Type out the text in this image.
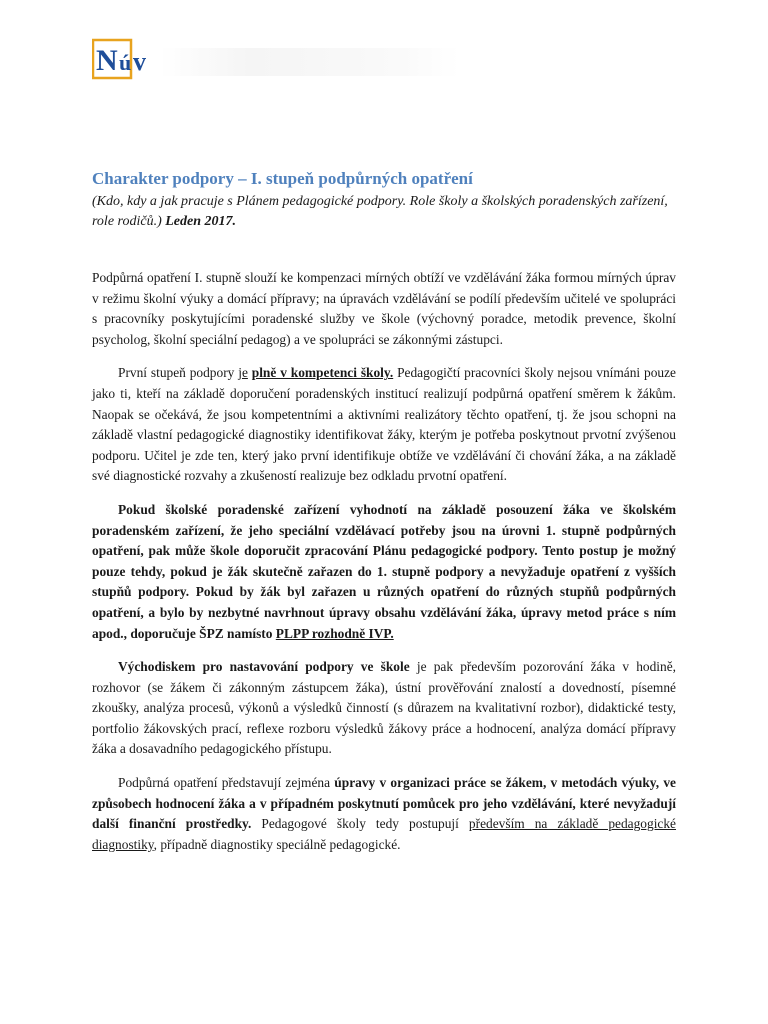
N ú v
Charakter podpory – I. stupeň podpůrných opatření

(Kdo, kdy a jak pracuje s Plánem pedagogické podpory. Role školy a školských poradenských zařízení, role rodičů.) Leden 2017.

Podpůrná opatření I. stupně slouží ke kompenzaci mírných obtíží ve vzdělávání žáka formou mírných úprav v režimu školní výuky a domácí přípravy; na úpravách vzdělávání se podílí především učitelé ve spolupráci s pracovníky poskytujícími poradenské služby ve škole (výchovný poradce, metodik prevence, školní psycholog, školní speciální pedagog) a ve spolupráci se zákonnými zástupci.

První stupeň podpory je plně v kompetenci školy. Pedagogičtí pracovníci školy nejsou vnímáni pouze jako ti, kteří na základě doporučení poradenských institucí realizují podpůrná opatření směrem k žákům. Naopak se očekává, že jsou kompetentními a aktivními realizátory těchto opatření, tj. že jsou schopni na základě vlastní pedagogické diagnostiky identifikovat žáky, kterým je potřeba poskytnout prvotní zvýšenou podporu. Učitel je zde ten, který jako první identifikuje obtíže ve vzdělávání či chování žáka, a na základě své diagnostické rozvahy a zkušeností realizuje bez odkladu prvotní opatření.

Pokud školské poradenské zařízení vyhodnotí na základě posouzení žáka ve školském poradenském zařízení, že jeho speciální vzdělávací potřeby jsou na úrovni 1. stupně podpůrných opatření, pak může škole doporučit zpracování Plánu pedagogické podpory. Tento postup je možný pouze tehdy, pokud je žák skutečně zařazen do 1. stupně podpory a nevyžaduje opatření z vyšších stupňů podpory. Pokud by žák byl zařazen u různých opatření do různých stupňů podpůrných opatření, a bylo by nezbytné navrhnout úpravy obsahu vzdělávání žáka, úpravy metod práce s ním apod., doporučuje ŠPZ namísto PLPP rozhodně IVP.

Východiskem pro nastavování podpory ve škole je pak především pozorování žáka v hodině, rozhovor (se žákem či zákonným zástupcem žáka), ústní prověřování znalostí a dovedností, písemné zkoušky, analýza procesů, výkonů a výsledků činností (s důrazem na kvalitativní rozbor), didaktické testy, portfolio žákovských prací, reflexe rozboru výsledků žákovy práce a hodnocení, analýza domácí přípravy žáka a dosavadního pedagogického přístupu.

Podpůrná opatření představují zejména úpravy v organizaci práce se žákem, v metodách výuky, ve způsobech hodnocení žáka a v případném poskytnutí pomůcek pro jeho vzdělávání, které nevyžadují další finanční prostředky. Pedagogové školy tedy postupují především na základě pedagogické diagnostiky, případně diagnostiky speciálně pedagogické.
